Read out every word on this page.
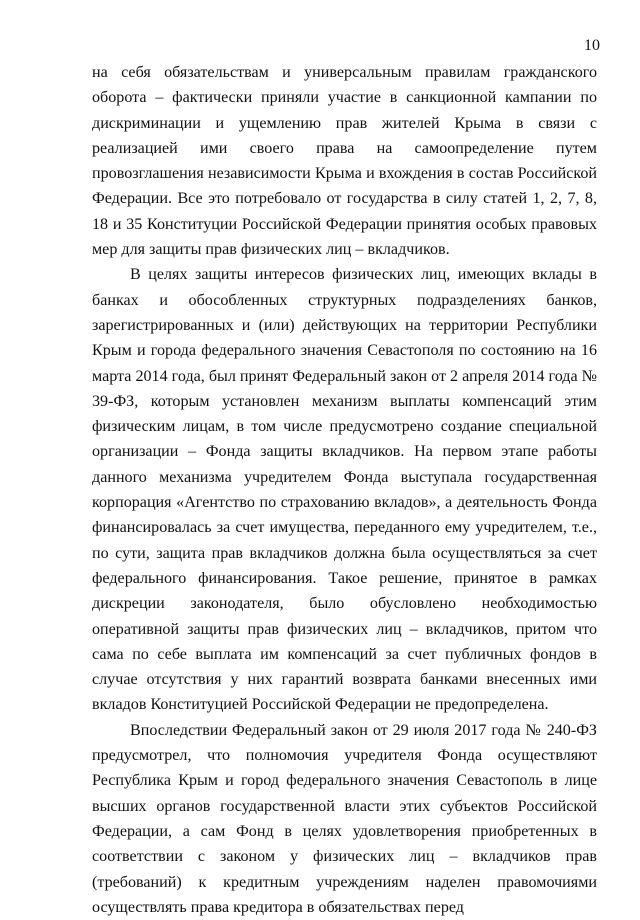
10

на себя обязательствам и универсальным правилам гражданского оборота – фактически приняли участие в санкционной кампании по дискриминации и ущемлению прав жителей Крыма в связи с реализацией ими своего права на самоопределение путем провозглашения независимости Крыма и вхождения в состав Российской Федерации. Все это потребовало от государства в силу статей 1, 2, 7, 8, 18 и 35 Конституции Российской Федерации принятия особых правовых мер для защиты прав физических лиц – вкладчиков.

В целях защиты интересов физических лиц, имеющих вклады в банках и обособленных структурных подразделениях банков, зарегистрированных и (или) действующих на территории Республики Крым и города федерального значения Севастополя по состоянию на 16 марта 2014 года, был принят Федеральный закон от 2 апреля 2014 года № 39-ФЗ, которым установлен механизм выплаты компенсаций этим физическим лицам, в том числе предусмотрено создание специальной организации – Фонда защиты вкладчиков. На первом этапе работы данного механизма учредителем Фонда выступала государственная корпорация «Агентство по страхованию вкладов», а деятельность Фонда финансировалась за счет имущества, переданного ему учредителем, т.е., по сути, защита прав вкладчиков должна была осуществляться за счет федерального финансирования. Такое решение, принятое в рамках дискреции законодателя, было обусловлено необходимостью оперативной защиты прав физических лиц – вкладчиков, притом что сама по себе выплата им компенсаций за счет публичных фондов в случае отсутствия у них гарантий возврата банками внесенных ими вкладов Конституцией Российской Федерации не предопределена.

Впоследствии Федеральный закон от 29 июля 2017 года № 240-ФЗ предусмотрел, что полномочия учредителя Фонда осуществляют Республика Крым и город федерального значения Севастополь в лице высших органов государственной власти этих субъектов Российской Федерации, а сам Фонд в целях удовлетворения приобретенных в соответствии с законом у физических лиц – вкладчиков прав (требований) к кредитным учреждениям наделен правомочиями осуществлять права кредитора в обязательствах перед
